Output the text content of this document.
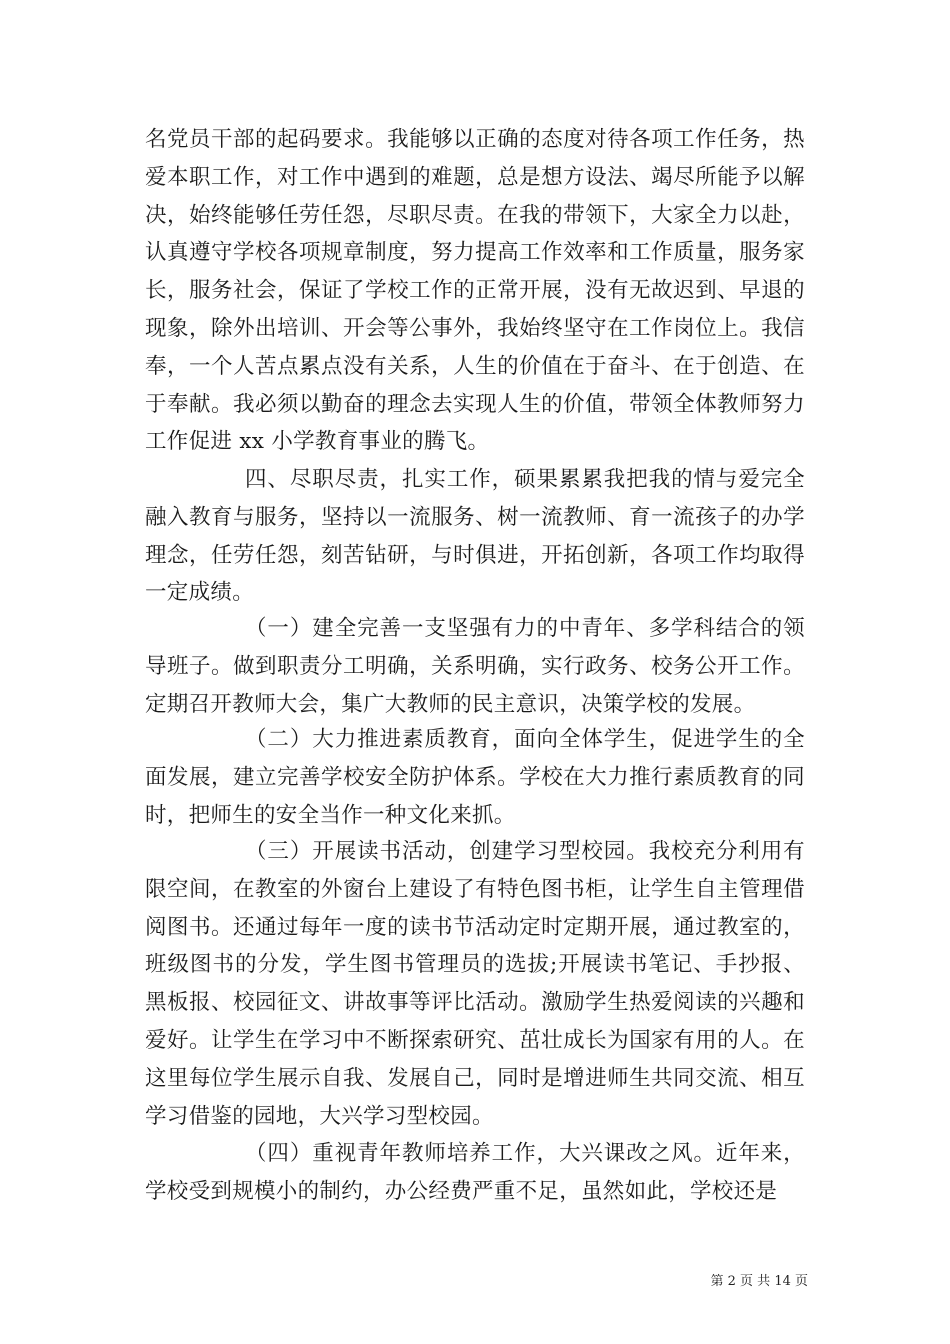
名党员干部的起码要求。我能够以正确的态度对待各项工作任务，热爱本职工作，对工作中遇到的难题，总是想方设法、竭尽所能予以解决，始终能够任劳任怨，尽职尽责。在我的带领下，大家全力以赴，认真遵守学校各项规章制度，努力提高工作效率和工作质量，服务家长，服务社会，保证了学校工作的正常开展，没有无故迟到、早退的现象，除外出培训、开会等公事外，我始终坚守在工作岗位上。我信奉，一个人苦点累点没有关系，人生的价值在于奋斗、在于创造、在于奉献。我必须以勤奋的理念去实现人生的价值，带领全体教师努力工作促进 xx 小学教育事业的腾飞。

四、尽职尽责，扎实工作，硕果累累我把我的情与爱完全融入教育与服务，坚持以一流服务、树一流教师、育一流孩子的办学理念，任劳任怨，刻苦钻研，与时俱进，开拓创新，各项工作均取得一定成绩。

（一）建全完善一支坚强有力的中青年、多学科结合的领导班子。做到职责分工明确，关系明确，实行政务、校务公开工作。定期召开教师大会，集广大教师的民主意识，决策学校的发展。

（二）大力推进素质教育，面向全体学生，促进学生的全面发展，建立完善学校安全防护体系。学校在大力推行素质教育的同时，把师生的安全当作一种文化来抓。

（三）开展读书活动，创建学习型校园。我校充分利用有限空间，在教室的外窗台上建设了有特色图书柜，让学生自主管理借阅图书。还通过每年一度的读书节活动定时定期开展，通过教室的，班级图书的分发，学生图书管理员的选拔;开展读书笔记、手抄报、黑板报、校园征文、讲故事等评比活动。激励学生热爱阅读的兴趣和爱好。让学生在学习中不断探索研究、茁壮成长为国家有用的人。在这里每位学生展示自我、发展自己，同时是增进师生共同交流、相互学习借鉴的园地，大兴学习型校园。

（四）重视青年教师培养工作，大兴课改之风。近年来，学校受到规模小的制约，办公经费严重不足，虽然如此，学校还是

第 2 页 共 14 页
